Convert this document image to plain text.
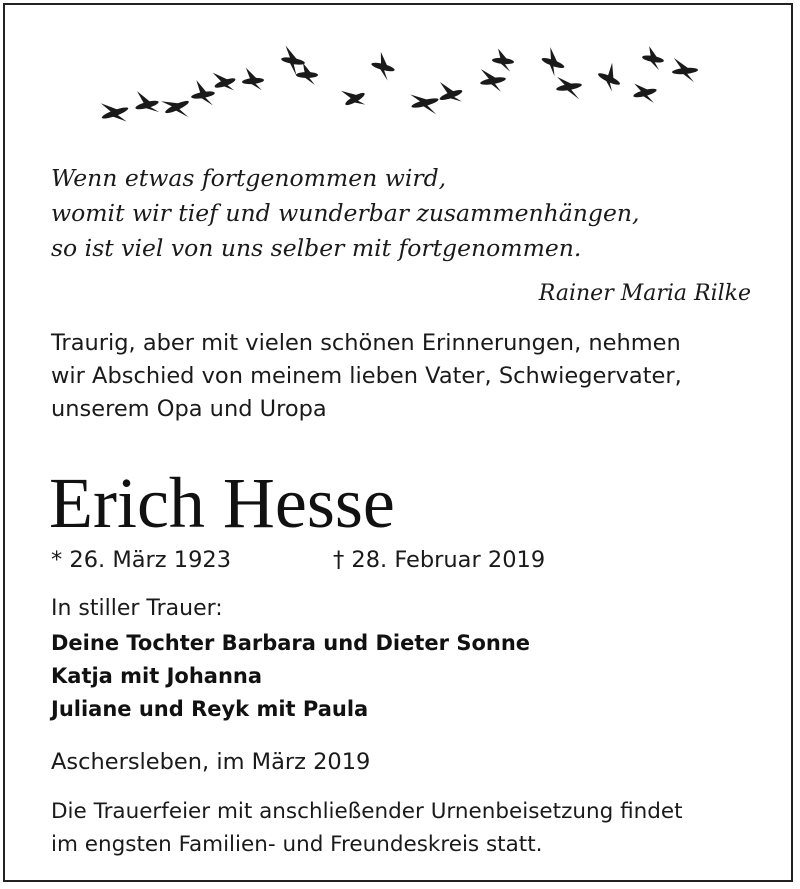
Wenn etwas fortgenommen wird,
womit wir tief und wunderbar zusammenhängen,
so ist viel von uns selber mit fortgenommen.
Rainer Maria Rilke
Traurig, aber mit vielen schönen Erinnerungen, nehmen
wir Abschied von meinem lieben Vater, Schwiegervater,
unserem Opa und Uropa
Erich Hesse
* 26. März 1923	† 28. Februar 2019
In stiller Trauer:
Deine Tochter Barbara und Dieter Sonne
Katja mit Johanna
Juliane und Reyk mit Paula
Aschersleben, im März 2019
Die Trauerfeier mit anschließender Urnenbeisetzung findet
im engsten Familien- und Freundeskreis statt.
